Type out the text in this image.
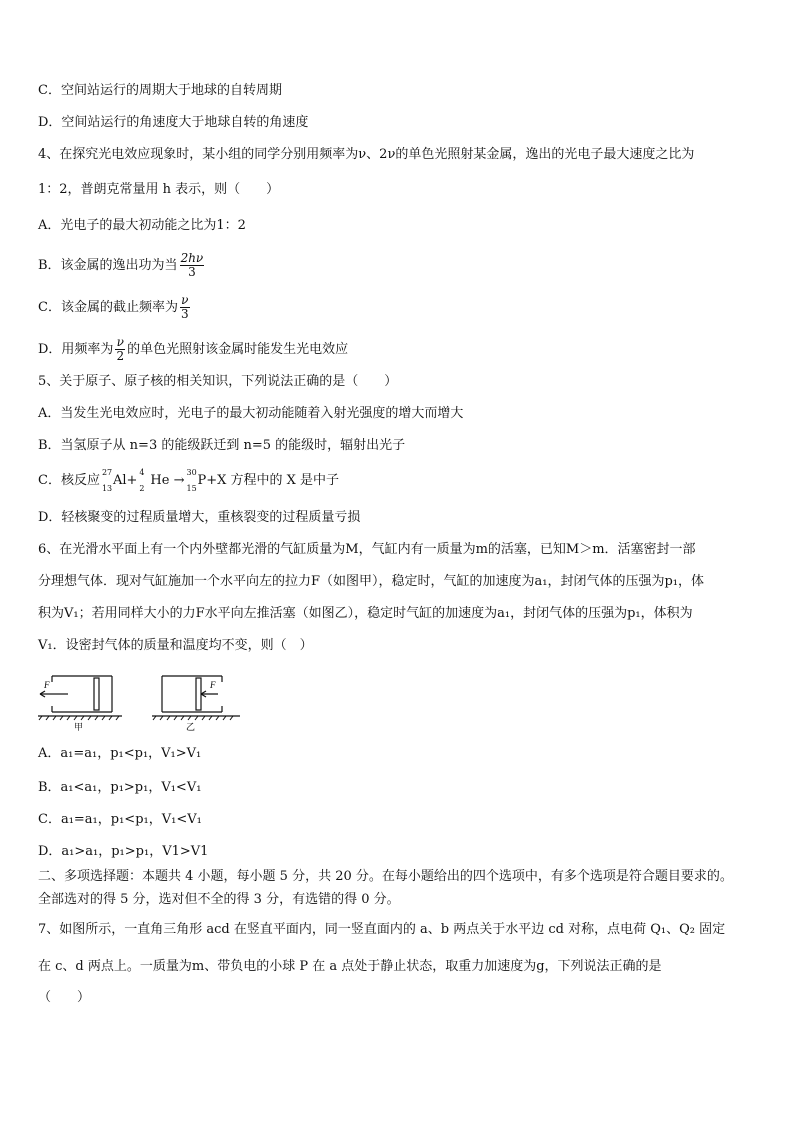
C．空间站运行的周期大于地球的自转周期
D．空间站运行的角速度大于地球自转的角速度
4、在探究光电效应现象时，某小组的同学分别用频率为ν、2ν的单色光照射某金属，逸出的光电子最大速度之比为
1：2，普朗克常量用 h 表示，则（　　）
A．光电子的最大初动能之比为1：2
B．该金属的逸出功为当 $\frac{2h\nu}{3}$
C．该金属的截止频率为 $\frac{\nu}{3}$
D．用频率为 $\frac{\nu}{2}$ 的单色光照射该金属时能发生光电效应
5、关于原子、原子核的相关知识，下列说法正确的是（　　）
A．当发生光电效应时，光电子的最大初动能随着入射光强度的增大而增大
B．当氢原子从 n=3 的能级跃迁到 n=5 的能级时，辐射出光子
C．核反应
27
13
Al+
4
2
He →
30
15
P+X 方程中的 X 是中子
D．轻核聚变的过程质量增大，重核裂变的过程质量亏损
6、在光滑水平面上有一个内外壁都光滑的气缸质量为M，气缸内有一质量为m的活塞，已知M＞m．活塞密封一部
分理想气体．现对气缸施加一个水平向左的拉力F（如图甲），稳定时，气缸的加速度为a₁，封闭气体的压强为p₁，体
积为V₁；若用同样大小的力F水平向左推活塞（如图乙），稳定时气缸的加速度为a₁，封闭气体的压强为p₁，体积为
V₁．设密封气体的质量和温度均不变，则（　）
F
甲
F
乙
A．a₁=a₁，p₁<p₁，V₁>V₁
B．a₁<a₁，p₁>p₁，V₁<V₁
C．a₁=a₁，p₁<p₁，V₁<V₁
D．a₁>a₁，p₁>p₁，V1>V1
二、多项选择题：本题共 4 小题，每小题 5 分，共 20 分。在每小题给出的四个选项中，有多个选项是符合题目要求的。
全部选对的得 5 分，选对但不全的得 3 分，有选错的得 0 分。
7、如图所示，一直角三角形 acd 在竖直平面内，同一竖直面内的 a、b 两点关于水平边 cd 对称，点电荷 Q₁、Q₂ 固定
在 c、d 两点上。一质量为m、带负电的小球 P 在 a 点处于静止状态，取重力加速度为g，下列说法正确的是
（　　）
